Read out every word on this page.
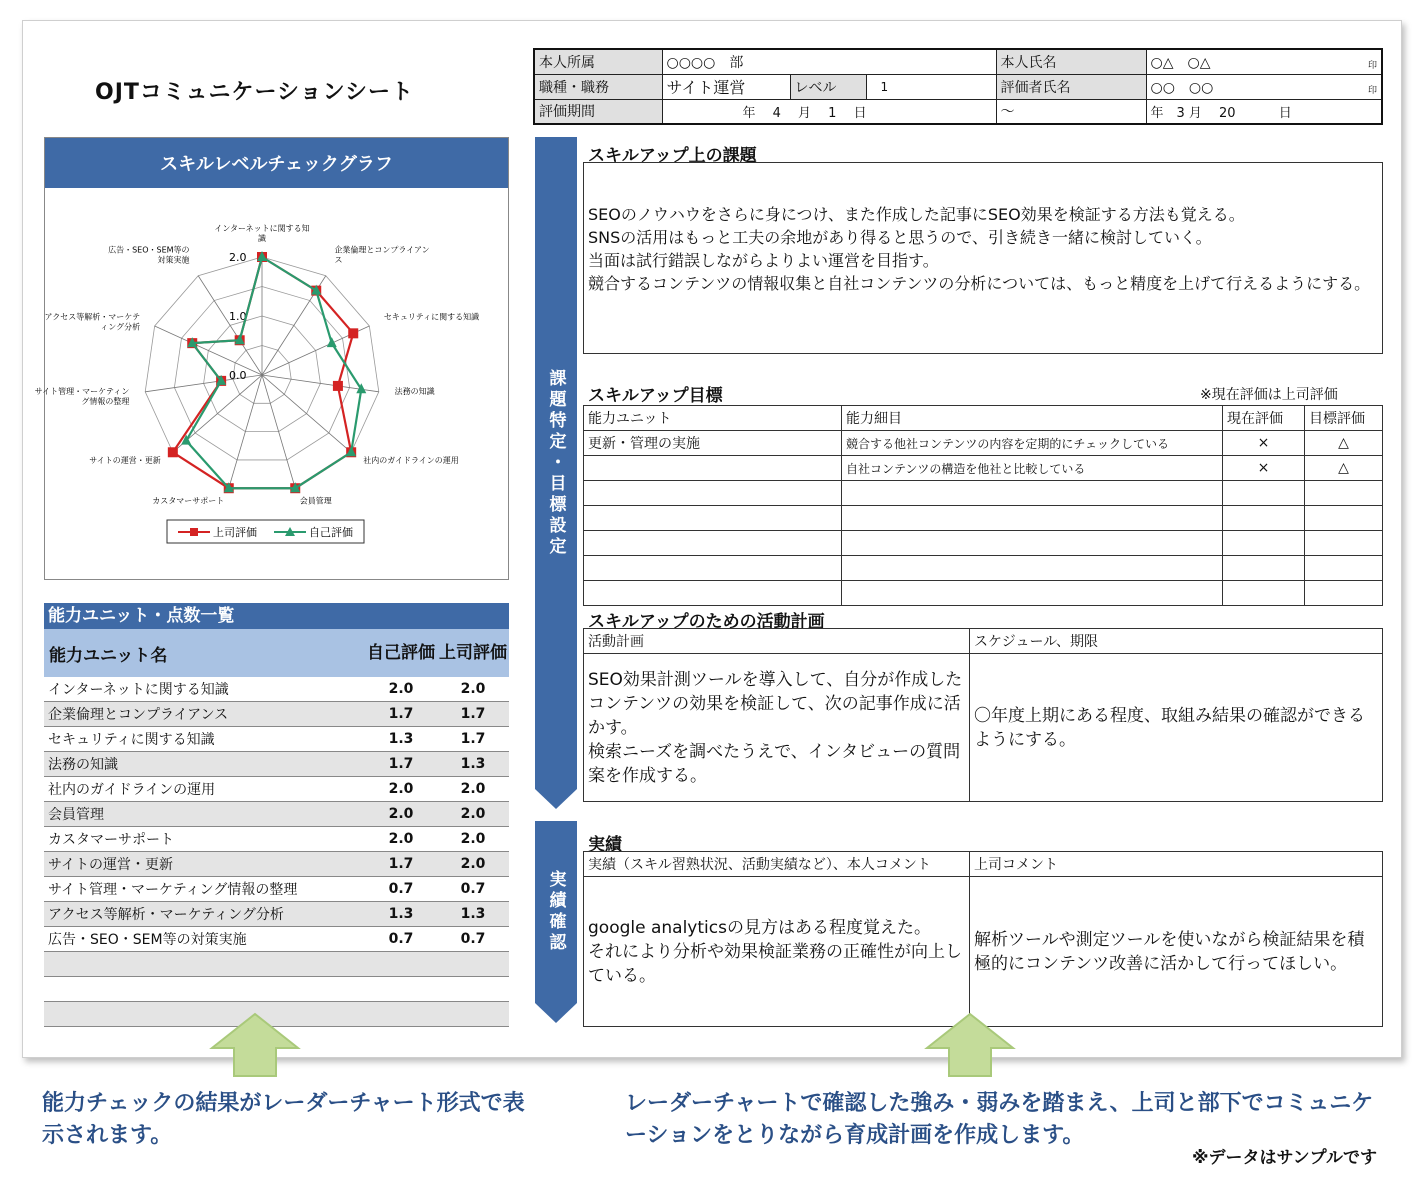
OJTコミュニケーションシート
本人所属	○○○○　部			本人氏名	○△　○△ 印

職種・職務	サイト運営	レベル	1	評価者氏名	○○　○○ 印

評価期間	年　 4　 月　 1　 日			～	年　3 月　 20　　　 日
スキルレベルチェックグラフ
0.0
1.0
2.0
インターネットに関する知識
企業倫理とコンプライアンス
セキュリティに関する知識
法務の知識
社内のガイドラインの運用
会員管理
カスタマーサポート
サイトの運営・更新
サイト管理・マーケティング情報の整理
アクセス等解析・マーケティング分析
広告・SEO・SEM等の対策実施
上司評価	自己評価
能力ユニット・点数一覧
能力ユニット名	自己評価 上司評価
インターネットに関する知識	2.0	2.0
企業倫理とコンプライアンス	1.7	1.7
セキュリティに関する知識	1.3	1.7
法務の知識	1.7	1.3
社内のガイドラインの運用	2.0	2.0
会員管理	2.0	2.0
カスタマーサポート	2.0	2.0
サイトの運営・更新	1.7	2.0
サイト管理・マーケティング情報の整理	0.7	0.7
アクセス等解析・マーケティング分析	1.3	1.3
広告・SEO・SEM等の対策実施	0.7	0.7
課題特定・目標設定
実績確認
スキルアップ上の課題
SEOのノウハウをさらに身につけ、また作成した記事にSEO効果を検証する方法も覚える。
SNSの活用はもっと工夫の余地があり得ると思うので、引き続き一緒に検討していく。
当面は試行錯誤しながらよりよい運営を目指す。
競合するコンテンツの情報収集と自社コンテンツの分析については、もっと精度を上げて行えるようにする。
スキルアップ目標	※現在評価は上司評価
能力ユニット	能力細目	現在評価	目標評価
更新・管理の実施	競合する他社コンテンツの内容を定期的にチェックしている	×	△
	自社コンテンツの構造を他社と比較している	×	△

スキルアップのための活動計画
活動計画	スケジュール、期限
SEO効果計測ツールを導入して、自分が作成したコンテンツの効果を検証して、次の記事作成に活かす。
検索ニーズを調べたうえで、インタビューの質問案を作成する。	〇年度上期にある程度、取組み結果の確認ができるようにする。
実績
実績（スキル習熟状況、活動実績など）、本人コメント	上司コメント
google analyticsの見方はある程度覚えた。
それにより分析や効果検証業務の正確性が向上している。	解析ツールや測定ツールを使いながら検証結果を積極的にコンテンツ改善に活かして行ってほしい。
能力チェックの結果がレーダーチャート形式で表示されます。
レーダーチャートで確認した強み・弱みを踏まえ、上司と部下でコミュニケーションをとりながら育成計画を作成します。
※データはサンプルです
